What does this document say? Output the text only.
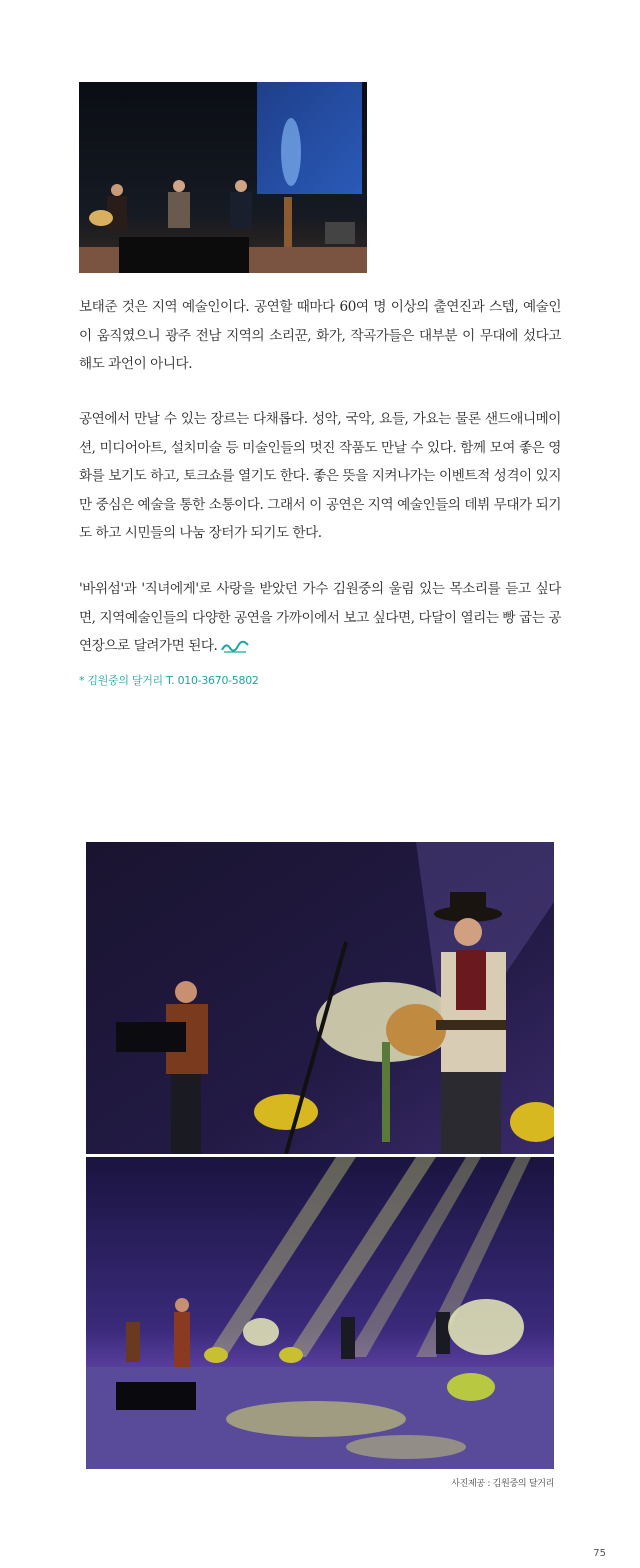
보태준 것은 지역 예술인이다. 공연할 때마다 60여 명 이상의 출연진과 스텝, 예술인이 움직였으니 광주 전남 지역의 소리꾼, 화가, 작곡가들은 대부분 이 무대에 섰다고 해도 과언이 아니다.

공연에서 만날 수 있는 장르는 다채롭다. 성악, 국악, 요들, 가요는 물론 샌드애니메이션, 미디어아트, 설치미술 등 미술인들의 멋진 작품도 만날 수 있다. 함께 모여 좋은 영화를 보기도 하고, 토크쇼를 열기도 한다. 좋은 뜻을 지켜나가는 이벤트적 성격이 있지만 중심은 예술을 통한 소통이다. 그래서 이 공연은 지역 예술인들의 데뷔 무대가 되기도 하고 시민들의 나눔 장터가 되기도 한다.

'바위섬'과 '직녀에게'로 사랑을 받았던 가수 김원중의 울림 있는 목소리를 듣고 싶다면, 지역예술인들의 다양한 공연을 가까이에서 보고 싶다면, 다달이 열리는 빵 굽는 공연장으로 달려가면 된다.

* 김원중의 달거리 T. 010-3670-5802
사진제공 : 김원중의 달거리
75
